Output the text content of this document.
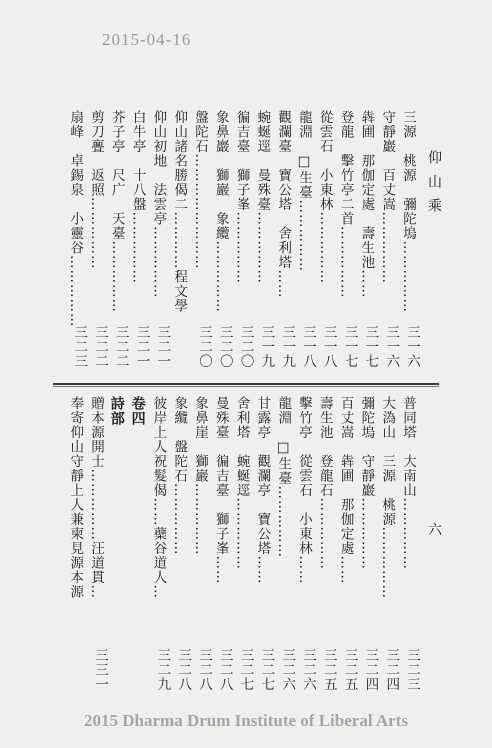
2015-04-16
仰山乘
六
三源　桃源　彌陀塢……………
三一六
守靜巖　百丈嵩……………
三一六
犇圃　那伽定處　壽生池……
三一七
登龍　擊竹亭二首……………
三一七
從雲石　小東林……………
三一八
龍淵　□生臺……………
三一八
觀瀾臺　寶公塔　舍利塔……
三一九
蜿蜒逕　曼殊臺……………
三一九
徧吉臺　獅子峯……………
三二〇
象鼻巖　獅巖　象纜……………
三二〇
盤陀石……………………
三二〇
仰山諸名勝偈二…………程文學
仰山初地　法雲亭……………
三二一
白牛亭　十八盤……………
三二一
芥子亭　尺广　天臺……………
三二二
剪刀亹　返照……………
三二二
扇峰　卓錫泉　小靈谷……………
三二三
普同塔　大南山……………
三二三
大溈山　三源　桃源……………
三二四
彌陀塢　守靜巖……………
三二四
百丈嵩　犇圃　那伽定處……
三二五
壽生池　登龍石……………
三二五
擊竹亭　從雲石　小東林……
三二六
龍淵　□生臺……………
三二六
甘露亭　觀瀾亭　寶公塔……
三二七
舍利塔　蜿蜒逕……………
三二七
曼殊臺　徧吉臺　獅子峯……
三二八
象鼻崖　獅巖……………
三二八
象纜　盤陀石……………
三二八
彼岸上人祝髮偈……蘗谷道人…
三二九
卷四
詩部
贈本源開士……………汪道貫…
三三一
奉寄仰山守靜上人兼柬見源本源
2015 Dharma Drum Institute of Liberal Arts
